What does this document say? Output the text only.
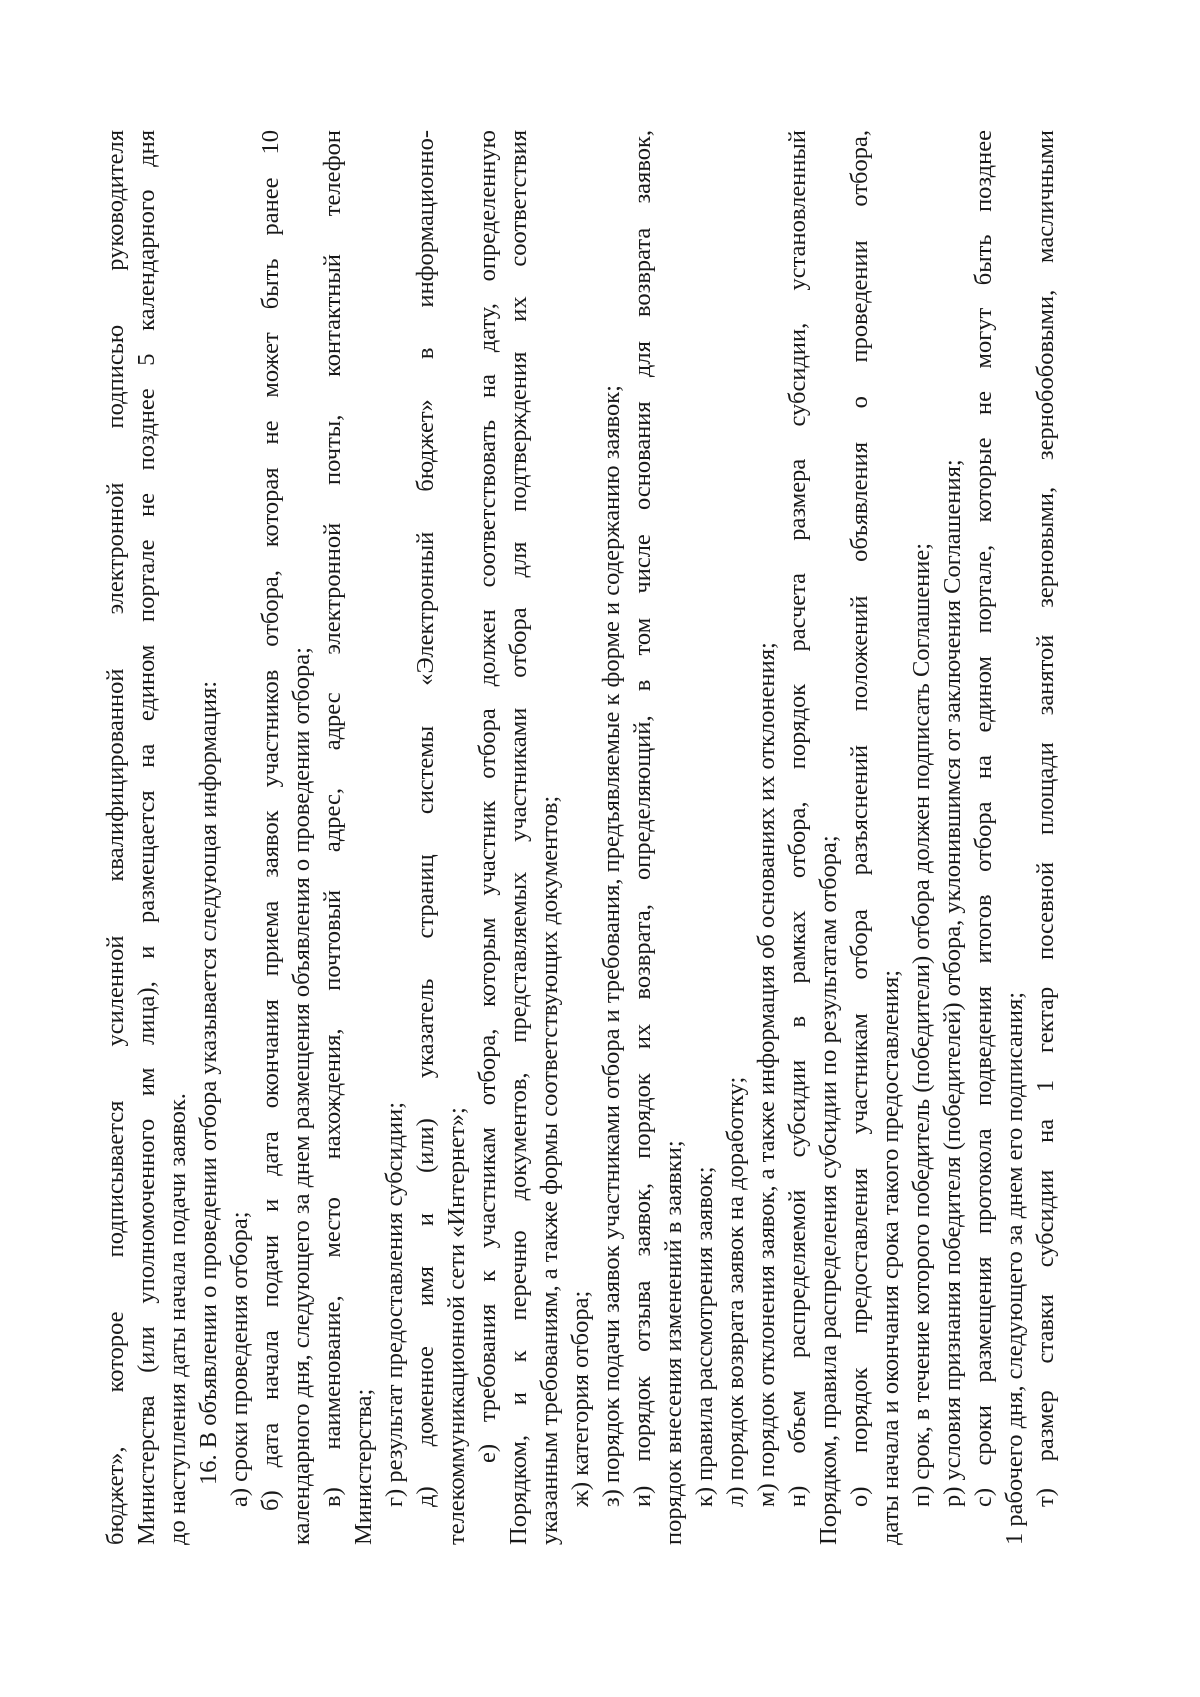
бюджет», которое подписывается усиленной квалифицированной электронной подписью руководителя Министерства (или уполномоченного им лица), и размещается на едином портале не позднее 5 календарного дня до наступления даты начала подачи заявок. 16. В объявлении о проведении отбора указывается следующая информация: а) сроки проведения отбора; б) дата начала подачи и дата окончания приема заявок участников отбора, которая не может быть ранее 10 календарного дня, следующего за днем размещения объявления о проведении отбора; в) наименование, место нахождения, почтовый адрес, адрес электронной почты, контактный телефон Министерства; г) результат предоставления субсидии; д) доменное имя и (или) указатель страниц системы «Электронный бюджет» в информационно- телекоммуникационной сети «Интернет»; е) требования к участникам отбора, которым участник отбора должен соответствовать на дату, определенную Порядком, и к перечню документов, представляемых участниками отбора для подтверждения их соответствия указанным требованиям, а также формы соответствующих документов; ж) категория отбора; з) порядок подачи заявок участниками отбора и требования, предъявляемые к форме и содержанию заявок; и) порядок отзыва заявок, порядок их возврата, определяющий, в том числе основания для возврата заявок, порядок внесения изменений в заявки; к) правила рассмотрения заявок; л) порядок возврата заявок на доработку; м) порядок отклонения заявок, а также информация об основаниях их отклонения; н) объем распределяемой субсидии в рамках отбора, порядок расчета размера субсидии, установленный Порядком, правила распределения субсидии по результатам отбора; о) порядок предоставления участникам отбора разъяснений положений объявления о проведении отбора, даты начала и окончания срока такого предоставления; п) срок, в течение которого победитель (победители) отбора должен подписать Соглашение; р) условия признания победителя (победителей) отбора, уклонившимся от заключения Соглашения; с) сроки размещения протокола подведения итогов отбора на едином портале, которые не могут быть позднее 1 рабочего дня, следующего за днем его подписания; т) размер ставки субсидии на 1 гектар посевной площади занятой зерновыми, зернобобовыми, масличными
